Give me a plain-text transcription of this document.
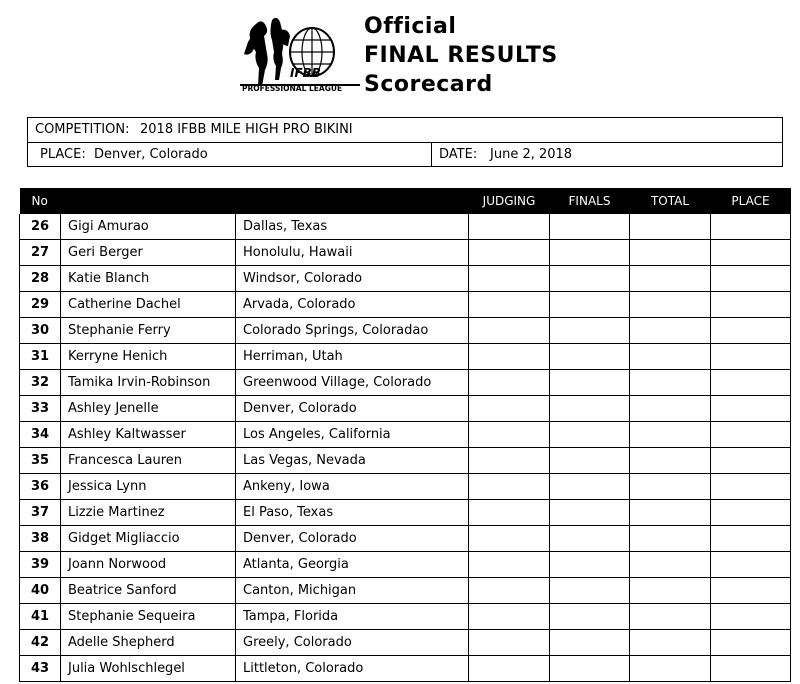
IFBB
PROFESSIONAL LEAGUE
Official
FINAL RESULTS
Scorecard
COMPETITION: 2018 IFBB MILE HIGH PRO BIKINI
PLACE: Denver, Colorado	DATE: June 2, 2018
No			JUDGING	FINALS	TOTAL	PLACE
26	Gigi Amurao	Dallas, Texas				
27	Geri Berger	Honolulu, Hawaii				
28	Katie Blanch	Windsor, Colorado				
29	Catherine Dachel	Arvada, Colorado				
30	Stephanie Ferry	Colorado Springs, Coloradao				
31	Kerryne Henich	Herriman, Utah				
32	Tamika Irvin-Robinson	Greenwood Village, Colorado				
33	Ashley Jenelle	Denver, Colorado				
34	Ashley Kaltwasser	Los Angeles, California				
35	Francesca Lauren	Las Vegas, Nevada				
36	Jessica Lynn	Ankeny, Iowa				
37	Lizzie Martinez	El Paso, Texas				
38	Gidget Migliaccio	Denver, Colorado				
39	Joann Norwood	Atlanta, Georgia				
40	Beatrice Sanford	Canton, Michigan				
41	Stephanie Sequeira	Tampa, Florida				
42	Adelle Shepherd	Greely, Colorado				
43	Julia Wohlschlegel	Littleton, Colorado				
